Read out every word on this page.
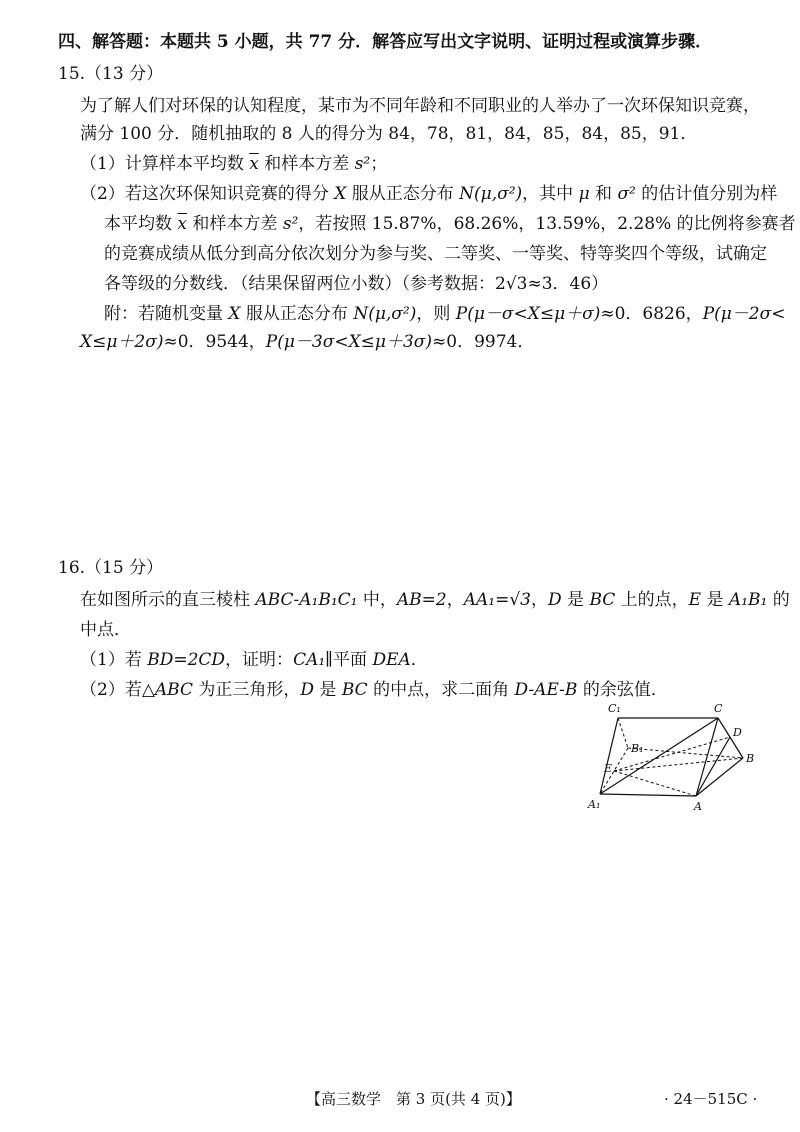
四、解答题：本题共 5 小题，共 77 分．解答应写出文字说明、证明过程或演算步骤．
15.（13 分）
为了解人们对环保的认知程度，某市为不同年龄和不同职业的人举办了一次环保知识竞赛，
满分 100 分．随机抽取的 8 人的得分为 84，78，81，84，85，84，85，91．
（1）计算样本平均数 $\overline{x}$ 和样本方差 s²；
（2）若这次环保知识竞赛的得分 X 服从正态分布 N(μ,σ²)，其中 μ 和 σ² 的估计值分别为样
本平均数 $\overline{x}$ 和样本方差 s²，若按照 15.87%，68.26%，13.59%，2.28% 的比例将参赛者
的竞赛成绩从低分到高分依次划分为参与奖、二等奖、一等奖、特等奖四个等级，试确定
各等级的分数线．（结果保留两位小数）（参考数据：2√3≈3．46）
附：若随机变量 X 服从正态分布 N(μ,σ²)，则 P(μ－σ<X≤μ＋σ)≈0．6826，P(μ－2σ<
X≤μ＋2σ)≈0．9544，P(μ－3σ<X≤μ＋3σ)≈0．9974．
16.（15 分）
在如图所示的直三棱柱 ABC-A₁B₁C₁ 中，AB=2，AA₁=√3，D 是 BC 上的点，E 是 A₁B₁ 的
中点．
（1）若 BD=2CD，证明：CA₁∥平面 DEA．
（2）若△ABC 为正三角形，D 是 BC 的中点，求二面角 D-AE-B 的余弦值．
C₁	C
B₁
D
B
E
A₁	A
【高三数学　第 3 页(共 4 页)】	· 24－515C ·
